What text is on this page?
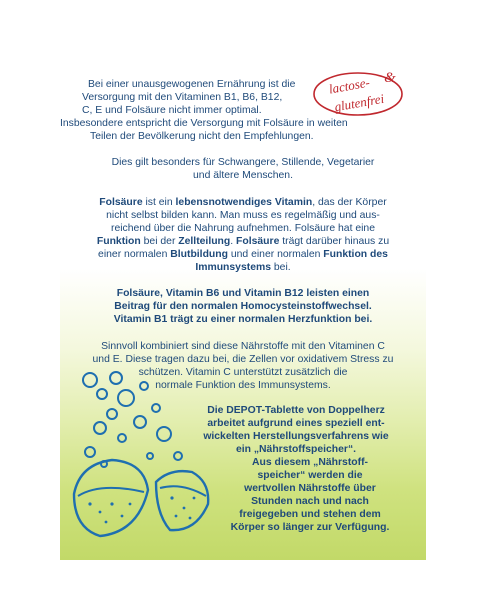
lactose- &
glutenfrei

Bei einer unausgewogenen Ernährung ist die

Versorgung mit den Vitaminen B1, B6, B12,

C, E und Folsäure nicht immer optimal.

Insbesondere entspricht die Versorgung mit Folsäure in weiten

Teilen der Bevölkerung nicht den Empfehlungen.

Dies gilt besonders für Schwangere, Stillende, Vegetarier

und ältere Menschen.

Folsäure ist ein lebensnotwendiges Vitamin, das der Körper

nicht selbst bilden kann. Man muss es regelmäßig und aus-

reichend über die Nahrung aufnehmen. Folsäure hat eine

Funktion bei der Zellteilung. Folsäure trägt darüber hinaus zu

einer normalen Blutbildung und einer normalen Funktion des

Immunsystems bei.

Folsäure, Vitamin B6 und Vitamin B12 leisten einen

Beitrag für den normalen Homocysteinstoffwechsel.

Vitamin B1 trägt zu einer normalen Herzfunktion bei.

Sinnvoll kombiniert sind diese Nährstoffe mit den Vitaminen C

und E. Diese tragen dazu bei, die Zellen vor oxidativem Stress zu

schützen. Vitamin C unterstützt zusätzlich die

normale Funktion des Immunsystems.

Die DEPOT-Tablette von Doppelherz

arbeitet aufgrund eines speziell ent-

wickelten Herstellungsverfahrens wie

ein „Nährstoffspeicher“.

Aus diesem „Nährstoff-

speicher“ werden die

wertvollen Nährstoffe über

Stunden nach und nach

freigegeben und stehen dem

Körper so länger zur Verfügung.
